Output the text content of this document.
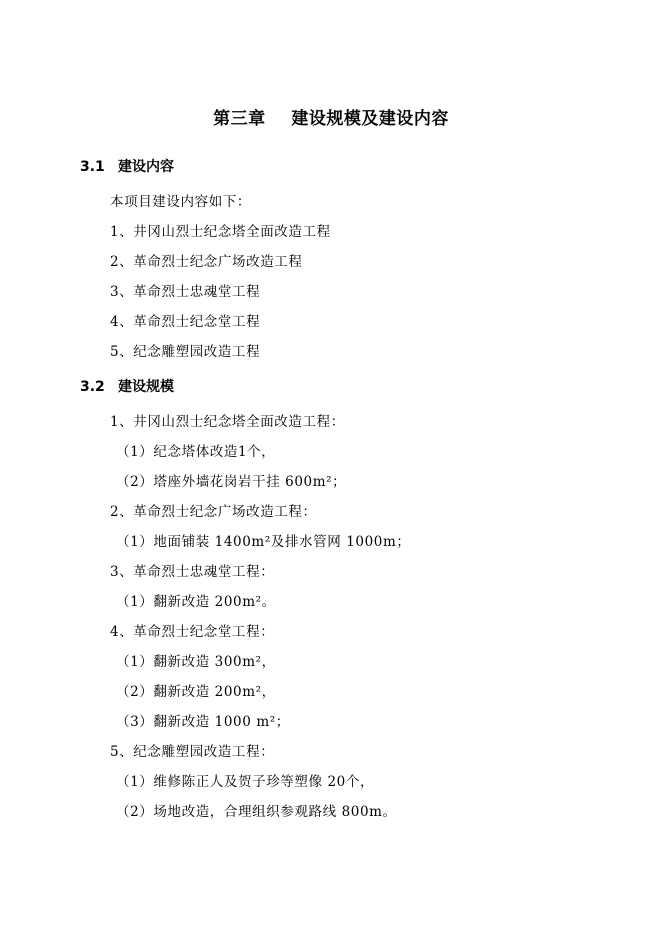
第三章    建设规模及建设内容
3.1 建设内容
本项目建设内容如下：
1、井冈山烈士纪念塔全面改造工程
2、革命烈士纪念广场改造工程
3、革命烈士忠魂堂工程
4、革命烈士纪念堂工程
5、纪念雕塑园改造工程
3.2 建设规模
1、井冈山烈士纪念塔全面改造工程：
（1）纪念塔体改造1个，
（2）塔座外墙花岗岩干挂 600m²；
2、革命烈士纪念广场改造工程：
（1）地面铺装 1400m²及排水管网 1000m；
3、革命烈士忠魂堂工程：
（1）翻新改造 200m²。
4、革命烈士纪念堂工程：
（1）翻新改造 300m²，
（2）翻新改造 200m²，
（3）翻新改造 1000 m²；
5、纪念雕塑园改造工程：
（1）维修陈正人及贺子珍等塑像 20个，
（2）场地改造，合理组织参观路线 800m。
